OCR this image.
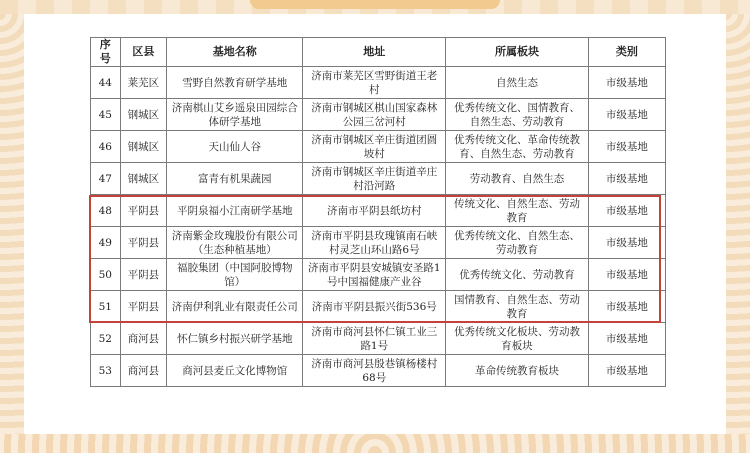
序号	区县	基地名称	地址	所属板块	类别
44	莱芜区	雪野自然教育研学基地	济南市莱芜区雪野街道王老村	自然生态	市级基地
45	钢城区	济南棋山艾乡遥泉田园综合体研学基地	济南市钢城区棋山国家森林公园三岔河村	优秀传统文化、国情教育、自然生态、劳动教育	市级基地
46	钢城区	天山仙人谷	济南市钢城区辛庄街道团圆坡村	优秀传统文化、革命传统教育、自然生态、劳动教育	市级基地
47	钢城区	富青有机果蔬园	济南市钢城区辛庄街道辛庄村沿河路	劳动教育、自然生态	市级基地
48	平阴县	平阴泉福小江南研学基地	济南市平阴县纸坊村	传统文化、自然生态、劳动教育	市级基地
49	平阴县	济南紫金玫瑰股份有限公司（生态种植基地）	济南市平阴县玫瑰镇南石峡村灵芝山环山路6号	优秀传统文化、自然生态、劳动教育	市级基地
50	平阴县	福胶集团（中国阿胶博物馆）	济南市平阴县安城镇安圣路1号中国福健康产业谷	优秀传统文化、劳动教育	市级基地
51	平阴县	济南伊利乳业有限责任公司	济南市平阴县振兴街536号	国情教育、自然生态、劳动教育	市级基地
52	商河县	怀仁镇乡村振兴研学基地	济南市商河县怀仁镇工业三路1号	优秀传统文化板块、劳动教育板块	市级基地
53	商河县	商河县麦丘文化博物馆	济南市商河县殷巷镇杨楼村68号	革命传统教育板块	市级基地
